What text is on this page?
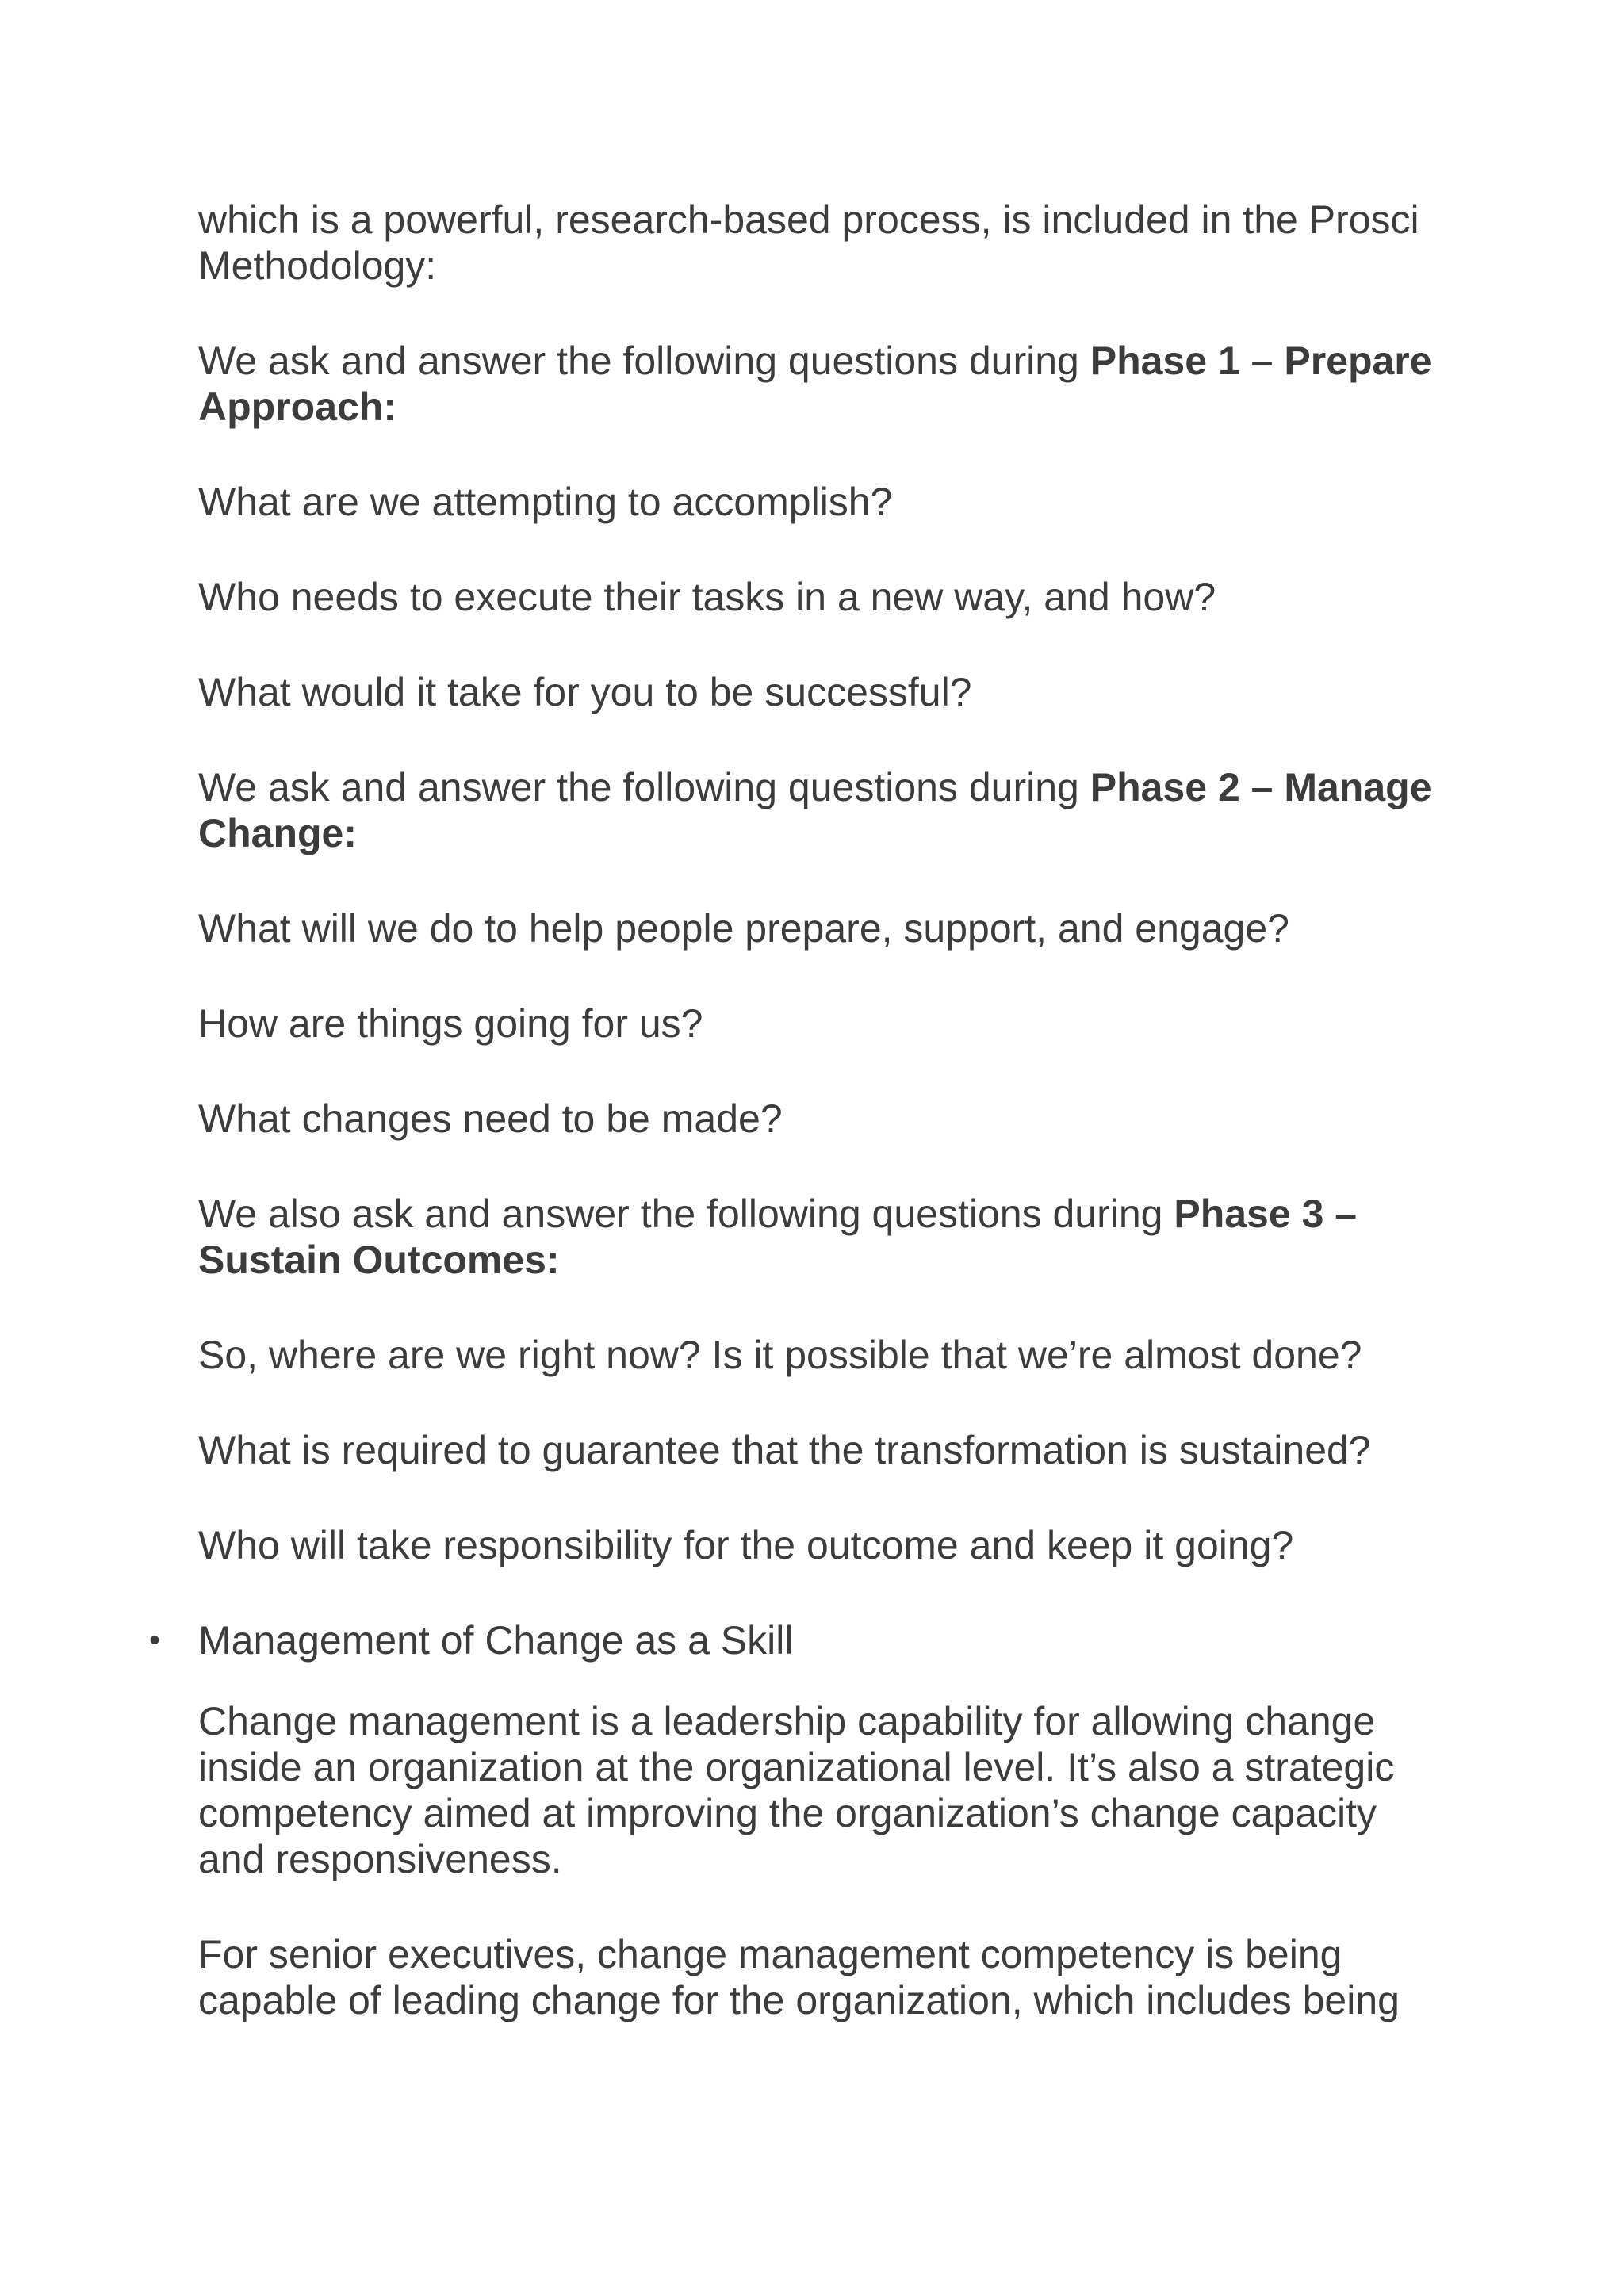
which is a powerful, research-based process, is included in the Prosci Methodology:

We ask and answer the following questions during Phase 1 – Prepare Approach:

What are we attempting to accomplish?

Who needs to execute their tasks in a new way, and how?

What would it take for you to be successful?

We ask and answer the following questions during Phase 2 – Manage Change:

What will we do to help people prepare, support, and engage?

How are things going for us?

What changes need to be made?

We also ask and answer the following questions during Phase 3 – Sustain Outcomes:

So, where are we right now? Is it possible that we’re almost done?

What is required to guarantee that the transformation is sustained?

Who will take responsibility for the outcome and keep it going?

• Management of Change as a Skill

Change management is a leadership capability for allowing change inside an organization at the organizational level. It’s also a strategic competency aimed at improving the organization’s change capacity and responsiveness.

For senior executives, change management competency is being capable of leading change for the organization, which includes being
